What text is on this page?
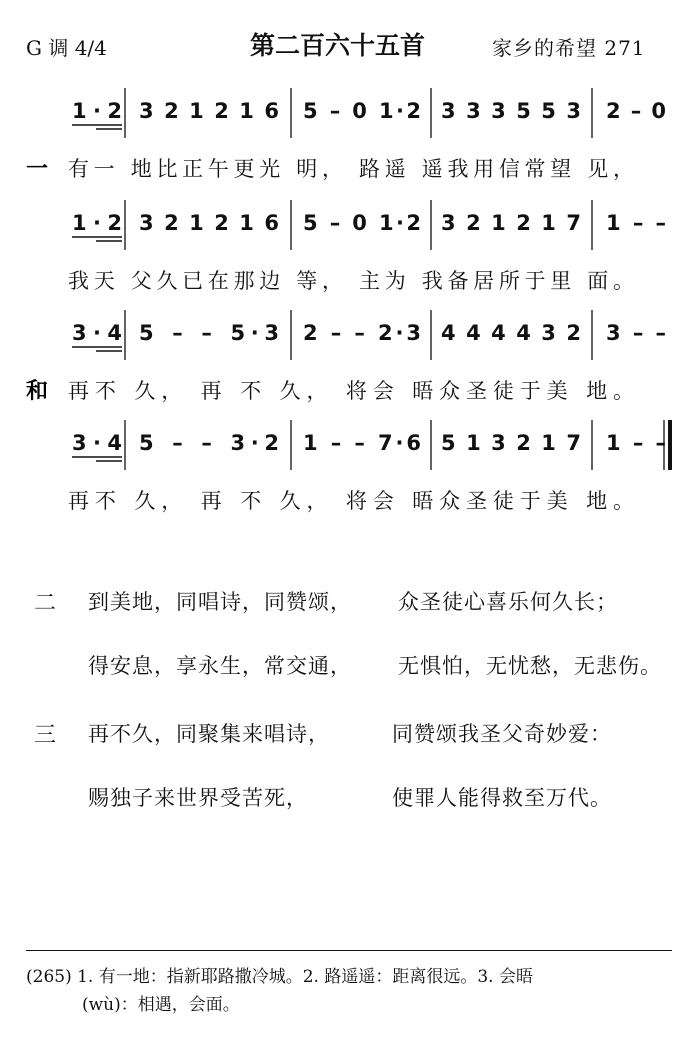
G 调 4/4	第二百六十五首	家乡的希望 271
一
1·2 3 2 1 2 1 6 5 – 0 1·2 3 3 3 5 5 3 2 – 0
有一 地比正午更光 明， 路遥 遥我用信常望 见，
1·2 3 2 1 2 1 6 5 – 0 1·2 3 2 1 2 1 7 1 – –
我天 父久已在那边 等， 主为 我备居所于里 面。
和
3·4 5 – – 5·3 2 – – 2·3 4 4 4 4 3 2 3 – –
再不 久， 再 不 久， 将会 晤众圣徒于美 地。
3·4 5 – – 3·2 1 – – 7·6 5 1 3 2 1 7 1 – –
再不 久， 再 不 久， 将会 晤众圣徒于美 地。
二 到美地，同唱诗，同赞颂， 众圣徒心喜乐何久长；
得安息，享永生，常交通， 无惧怕，无忧愁，无悲伤。
三 再不久，同聚集来唱诗，	同赞颂我圣父奇妙爱：
赐独子来世界受苦死，	使罪人能得救至万代。
(265) 1. 有一地：指新耶路撒冷城。2. 路遥遥：距离很远。3. 会晤
(wù)：相遇，会面。
